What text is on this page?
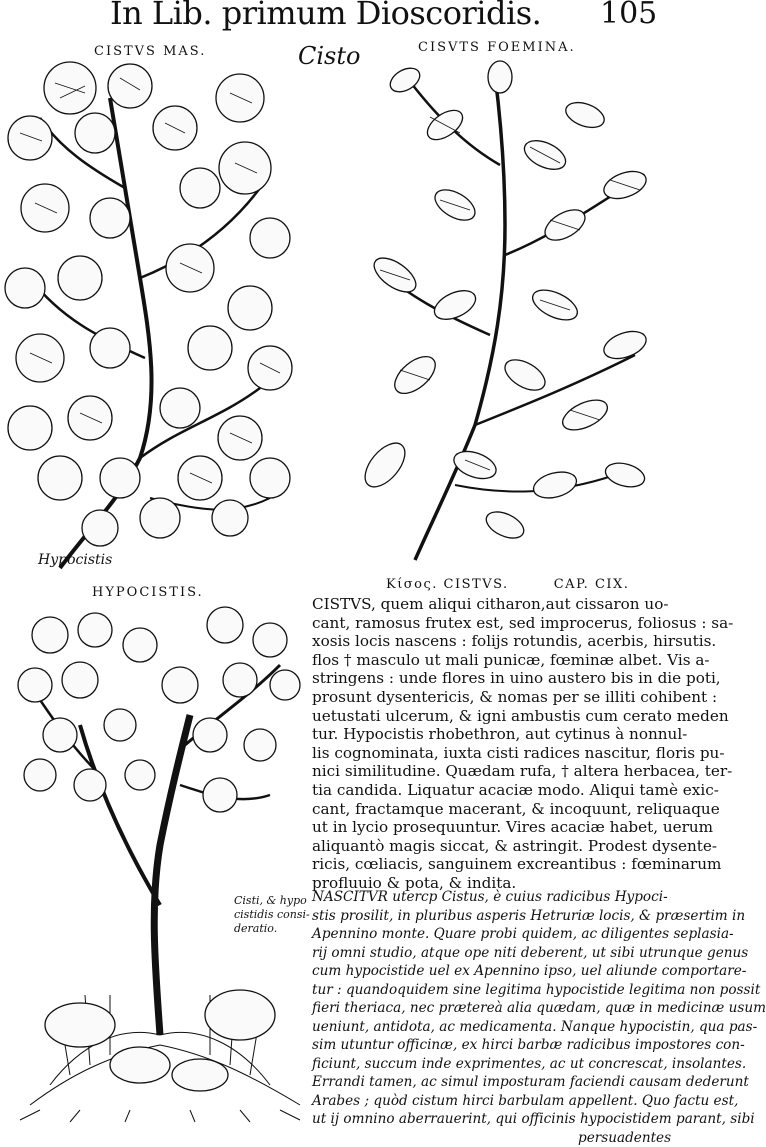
In Lib. primum Dioscoridis. 105
CISTVS MAS.	Cisto	CISVTS FOEMINA.
Hypocistis
HYPOCISTIS.
Cisti, & hypo
cistidis consi-
deratio.
Κίσος. CISTVS.        CAP. CIX.
CISTVS, quem aliqui citharon,aut cissaron uo-
cant, ramosus frutex est, sed improcerus, foliosus : sa-
xosis locis nascens : folijs rotundis, acerbis, hirsutis.
flos † masculo ut mali punicæ, fœminæ albet. Vis a-
stringens : unde flores in uino austero bis in die poti,
prosunt dysentericis, & nomas per se illiti cohibent :
uetustati ulcerum, & igni ambustis cum cerato meden
tur. Hypocistis rhobethron, aut cytinus à nonnul-
lis cognominata, iuxta cisti radices nascitur, floris pu-
nici similitudine. Quædam rufa, † altera herbacea, ter-
tia candida. Liquatur acaciæ modo. Aliqui tamè exic-
cant, fractamque macerant, & incoquunt, reliquaque
ut in lycio prosequuntur. Vires acaciæ habet, uerum
aliquantò magis siccat, & astringit. Prodest dysente-
ricis, cœliacis, sanguinem excreantibus : fœminarum
profluuio & pota, & indita.
NASCITVR utercp Cistus, è cuius radicibus Hypoci-
stis prosilit, in pluribus asperis Hetruriæ locis, & præsertim in
Apennino monte. Quare probi quidem, ac diligentes seplasia-
rij omni studio, atque ope niti deberent, ut sibi utrunque genus
cum hypocistide uel ex Apennino ipso, uel aliunde comportare-
tur : quandoquidem sine legitima hypocistide legitima non possit
fieri theriaca, nec prætereà alia quædam, quæ in medicinæ usum
ueniunt, antidota, ac medicamenta. Nanque hypocistin, qua pas-
sim utuntur officinæ, ex hirci barbæ radicibus impostores con-
ficiunt, succum inde exprimentes, ac ut concrescat, insolantes.
Errandi tamen, ac simul imposturam faciendi causam dederunt
Arabes ; quòd cistum hirci barbulam appellent. Quo factu est,
ut ij omnino aberrauerint, qui officinis hypocistidem parant, sibi
persuadentes
